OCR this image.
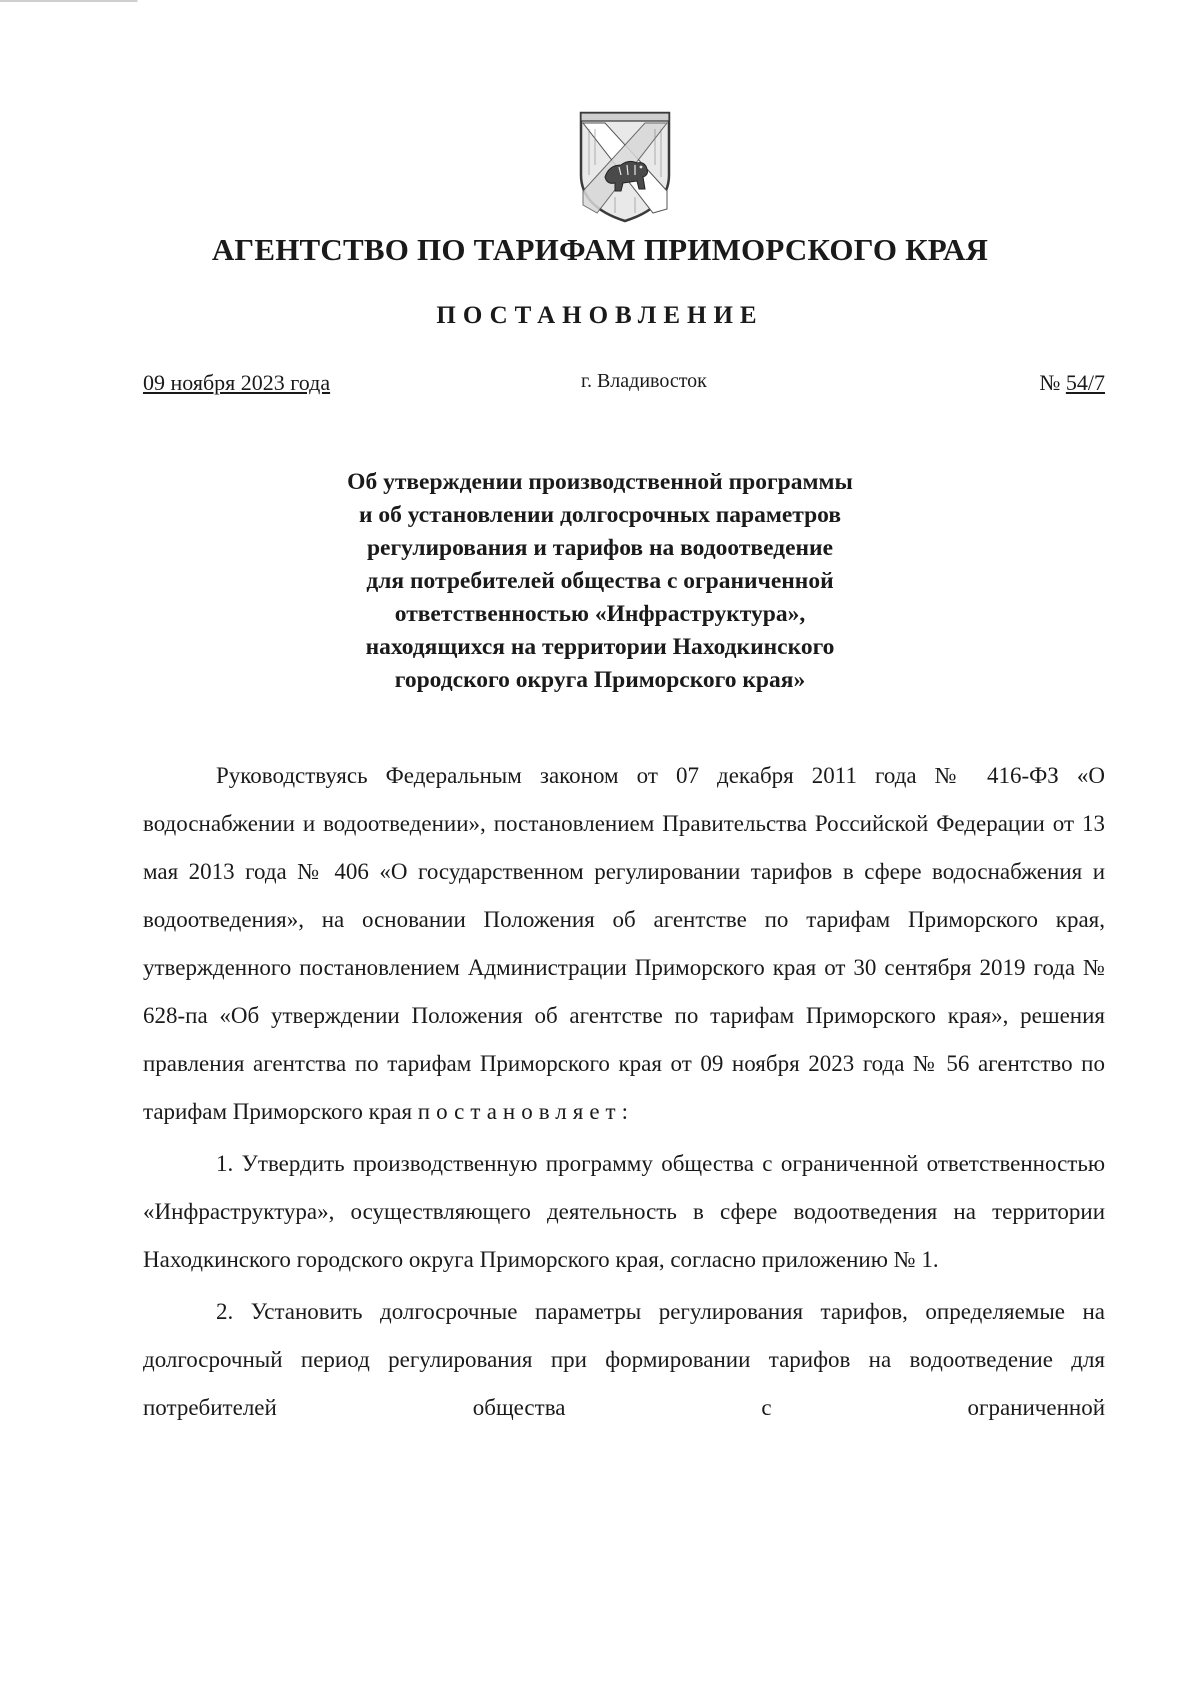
АГЕНТСТВО ПО ТАРИФАМ ПРИМОРСКОГО КРАЯ
ПОСТАНОВЛЕНИЕ
09 ноября 2023 года	г. Владивосток	№ 54/7

Об утверждении производственной программы
и об установлении долгосрочных параметров
регулирования и тарифов на водоотведение
для потребителей общества с ограниченной
ответственностью «Инфраструктура»,
находящихся на территории Находкинского
городского округа Приморского края»

Руководствуясь Федеральным законом от 07 декабря 2011 года № 416-ФЗ «О водоснабжении и водоотведении», постановлением Правительства Российской Федерации от 13 мая 2013 года № 406 «О государственном регулировании тарифов в сфере водоснабжения и водоотведения», на основании Положения об агентстве по тарифам Приморского края, утвержденного постановлением Администрации Приморского края от 30 сентября 2019 года № 628-па «Об утверждении Положения об агентстве по тарифам Приморского края», решения правления агентства по тарифам Приморского края от 09 ноября 2023 года № 56 агентство по тарифам Приморского края постановляет:

1. Утвердить производственную программу общества с ограниченной ответственностью «Инфраструктура», осуществляющего деятельность в сфере водоотведения на территории Находкинского городского округа Приморского края, согласно приложению № 1.

2. Установить долгосрочные параметры регулирования тарифов, определяемые на долгосрочный период регулирования при формировании тарифов на водоотведение для потребителей общества с ограниченной
